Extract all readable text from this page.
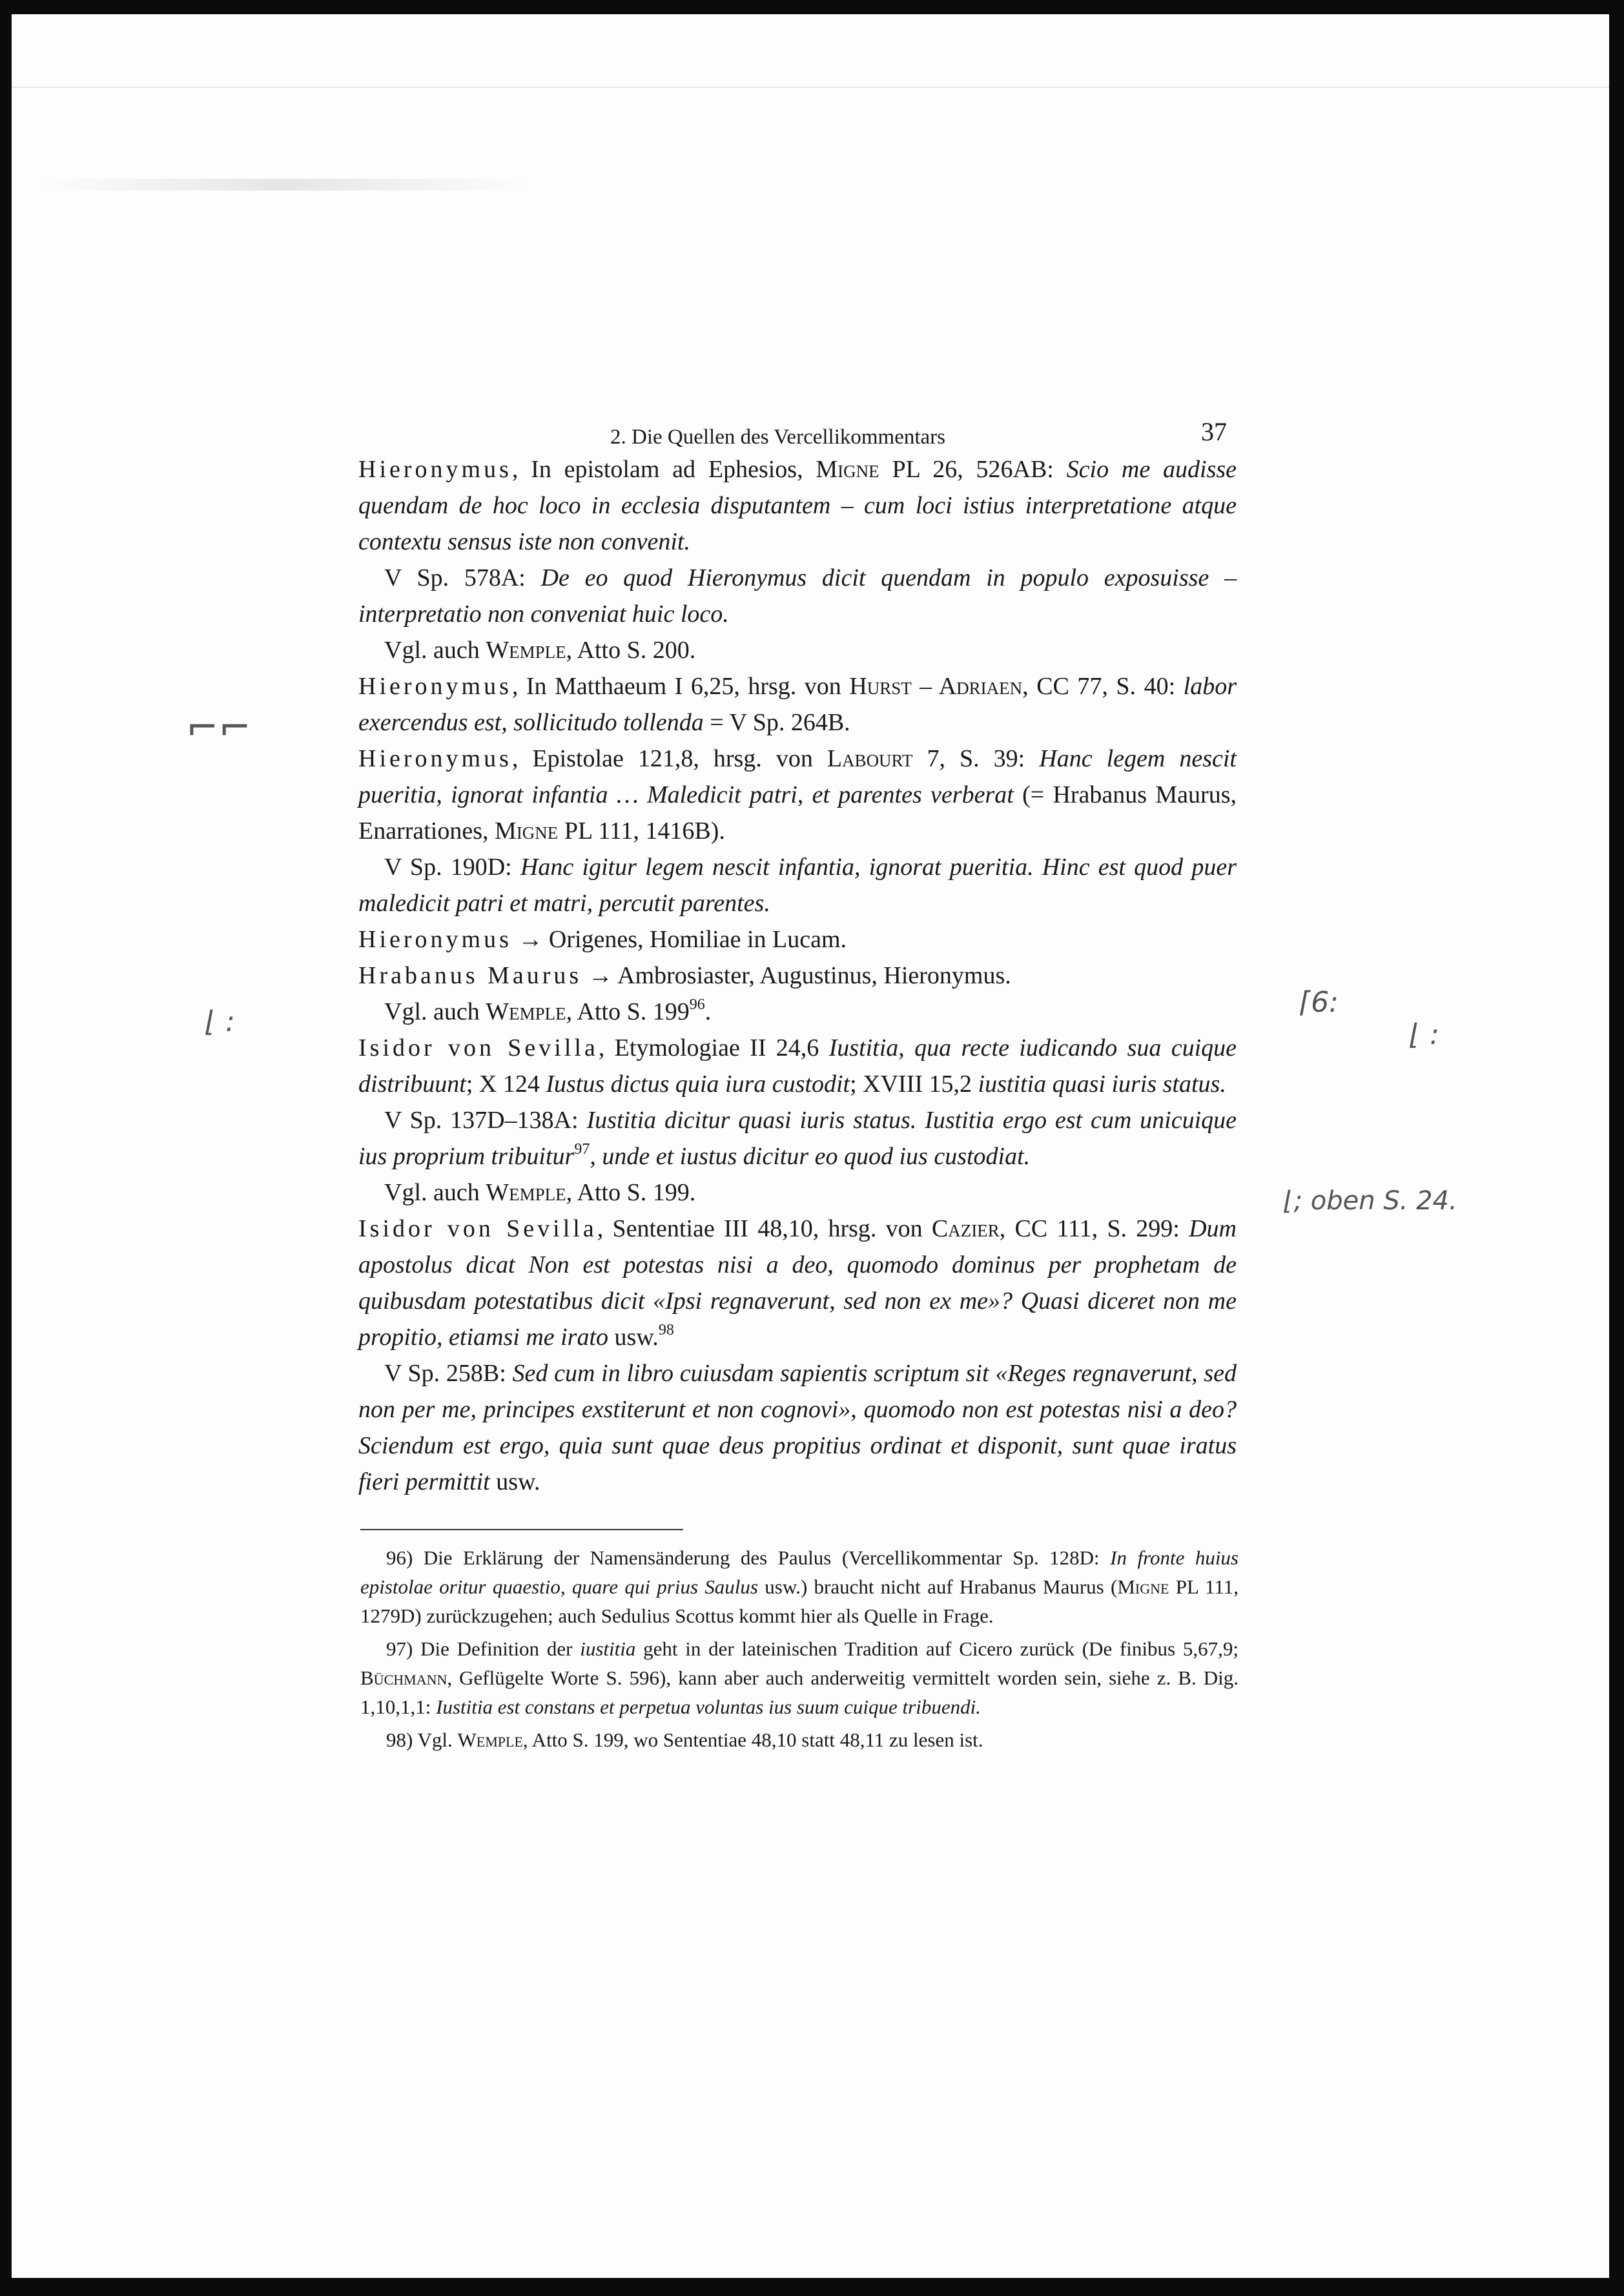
2. Die Quellen des Vercellikommentars	37

Hieronymus, In epistolam ad Ephesios, Migne PL 26, 526AB: Scio me audisse quendam de hoc loco in ecclesia disputantem – cum loci istius interpretatione atque contextu sensus iste non convenit.

V Sp. 578A: De eo quod Hieronymus dicit quendam in populo exposuisse – interpretatio non conveniat huic loco.

Vgl. auch Wemple, Atto S. 200.

Hieronymus, In Matthaeum I 6,25, hrsg. von Hurst – Adriaen, CC 77, S. 40: labor exercendus est, sollicitudo tollenda = V Sp. 264B.

Hieronymus, Epistolae 121,8, hrsg. von Labourt 7, S. 39: Hanc legem nescit pueritia, ignorat infantia … Maledicit patri, et parentes verberat (= Hrabanus Maurus, Enarrationes, Migne PL 111, 1416B).

V Sp. 190D: Hanc igitur legem nescit infantia, ignorat pueritia. Hinc est quod puer maledicit patri et matri, percutit parentes.

Hieronymus → Origenes, Homiliae in Lucam.

Hrabanus Maurus → Ambrosiaster, Augustinus, Hieronymus.

Vgl. auch Wemple, Atto S. $199^{96}$.

Isidor von Sevilla, Etymologiae II 24,6 Iustitia, qua recte iudicando sua cuique distribuunt; X 124 Iustus dictus quia iura custodit; XVIII 15,2 iustitia quasi iuris status.

V Sp. 137D–138A: Iustitia dicitur quasi iuris status. Iustitia ergo est cum unicuique ius proprium tribuitur$^{97}$, unde et iustus dicitur eo quod ius custodiat.

Vgl. auch Wemple, Atto S. 199.

Isidor von Sevilla, Sententiae III 48,10, hrsg. von Cazier, CC 111, S. 299: Dum apostolus dicat Non est potestas nisi a deo, quomodo dominus per prophetam de quibusdam potestatibus dicit «Ipsi regnaverunt, sed non ex me»? Quasi diceret non me propitio, etiamsi me irato usw.$^{98}$

V Sp. 258B: Sed cum in libro cuiusdam sapientis scriptum sit «Reges regnaverunt, sed non per me, principes exstiterunt et non cognovi», quomodo non est potestas nisi a deo? Sciendum est ergo, quia sunt quae deus propitius ordinat et disponit, sunt quae iratus fieri permittit usw.

96) Die Erklärung der Namensänderung des Paulus (Vercellikommentar Sp. 128D: In fronte huius epistolae oritur quaestio, quare qui prius Saulus usw.) braucht nicht auf Hrabanus Maurus (Migne PL 111, 1279D) zurückzugehen; auch Sedulius Scottus kommt hier als Quelle in Frage.

97) Die Definition der iustitia geht in der lateinischen Tradition auf Cicero zurück (De finibus 5,67,9; Büchmann, Geflügelte Worte S. 596), kann aber auch anderweitig vermittelt worden sein, siehe z. B. Dig. 1,10,1,1: Iustitia est constans et perpetua voluntas ius suum cuique tribuendi.

98) Vgl. Wemple, Atto S. 199, wo Sententiae 48,10 statt 48,11 zu lesen ist.

⌐⌐
⌊ :
⌈6:
⌊ :
⌊; oben S. 24.
